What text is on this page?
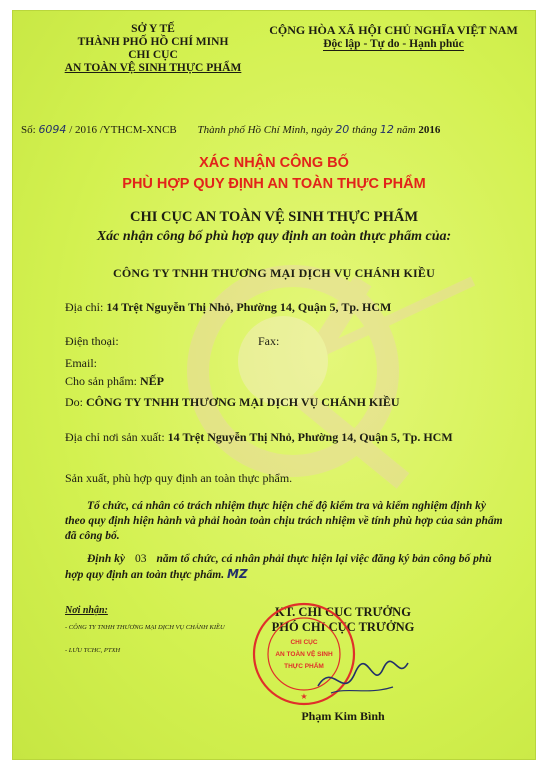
SỞ Y TẾ
THÀNH PHỐ HỒ CHÍ MINH
CHI CỤC
AN TOÀN VỆ SINH THỰC PHẨM
CỘNG HÒA XÃ HỘI CHỦ NGHĨA VIỆT NAM
Độc lập - Tự do - Hạnh phúc
Số: 6094 / 2016 /YTHCM-XNCB Thành phố Hồ Chí Minh, ngày 20 tháng 12 năm 2016
XÁC NHẬN CÔNG BỐ
PHÙ HỢP QUY ĐỊNH AN TOÀN THỰC PHẨM
CHI CỤC AN TOÀN VỆ SINH THỰC PHẨM
Xác nhận công bố phù hợp quy định an toàn thực phẩm của:
CÔNG TY TNHH THƯƠNG MẠI DỊCH VỤ CHÁNH KIỀU
Địa chỉ: 14 Trệt Nguyễn Thị Nhỏ, Phường 14, Quận 5, Tp. HCM
Điện thoại:	Fax:
Email:
Cho sản phẩm: NẾP
Do: CÔNG TY TNHH THƯƠNG MẠI DỊCH VỤ CHÁNH KIỀU
Địa chỉ nơi sản xuất: 14 Trệt Nguyễn Thị Nhỏ, Phường 14, Quận 5, Tp. HCM
Sản xuất, phù hợp quy định an toàn thực phẩm.
Tổ chức, cá nhân có trách nhiệm thực hiện chế độ kiểm tra và kiểm nghiệm định kỳ theo quy định hiện hành và phải hoàn toàn chịu trách nhiệm về tính phù hợp của sản phẩm đã công bố.
Định kỳ 03 năm tổ chức, cá nhân phải thực hiện lại việc đăng ký bản công bố phù hợp quy định an toàn thực phẩm. MZ
Nơi nhận:
- CÔNG TY TNHH THƯƠNG MẠI DỊCH VỤ CHÁNH KIỀU
- LƯU TCHC, PTXH
KT. CHI CỤC TRƯỞNG
PHÓ CHI CỤC TRƯỞNG
CHI CỤC
AN TOÀN VỆ SINH
THỰC PHẨM
★
Phạm Kim Bình
